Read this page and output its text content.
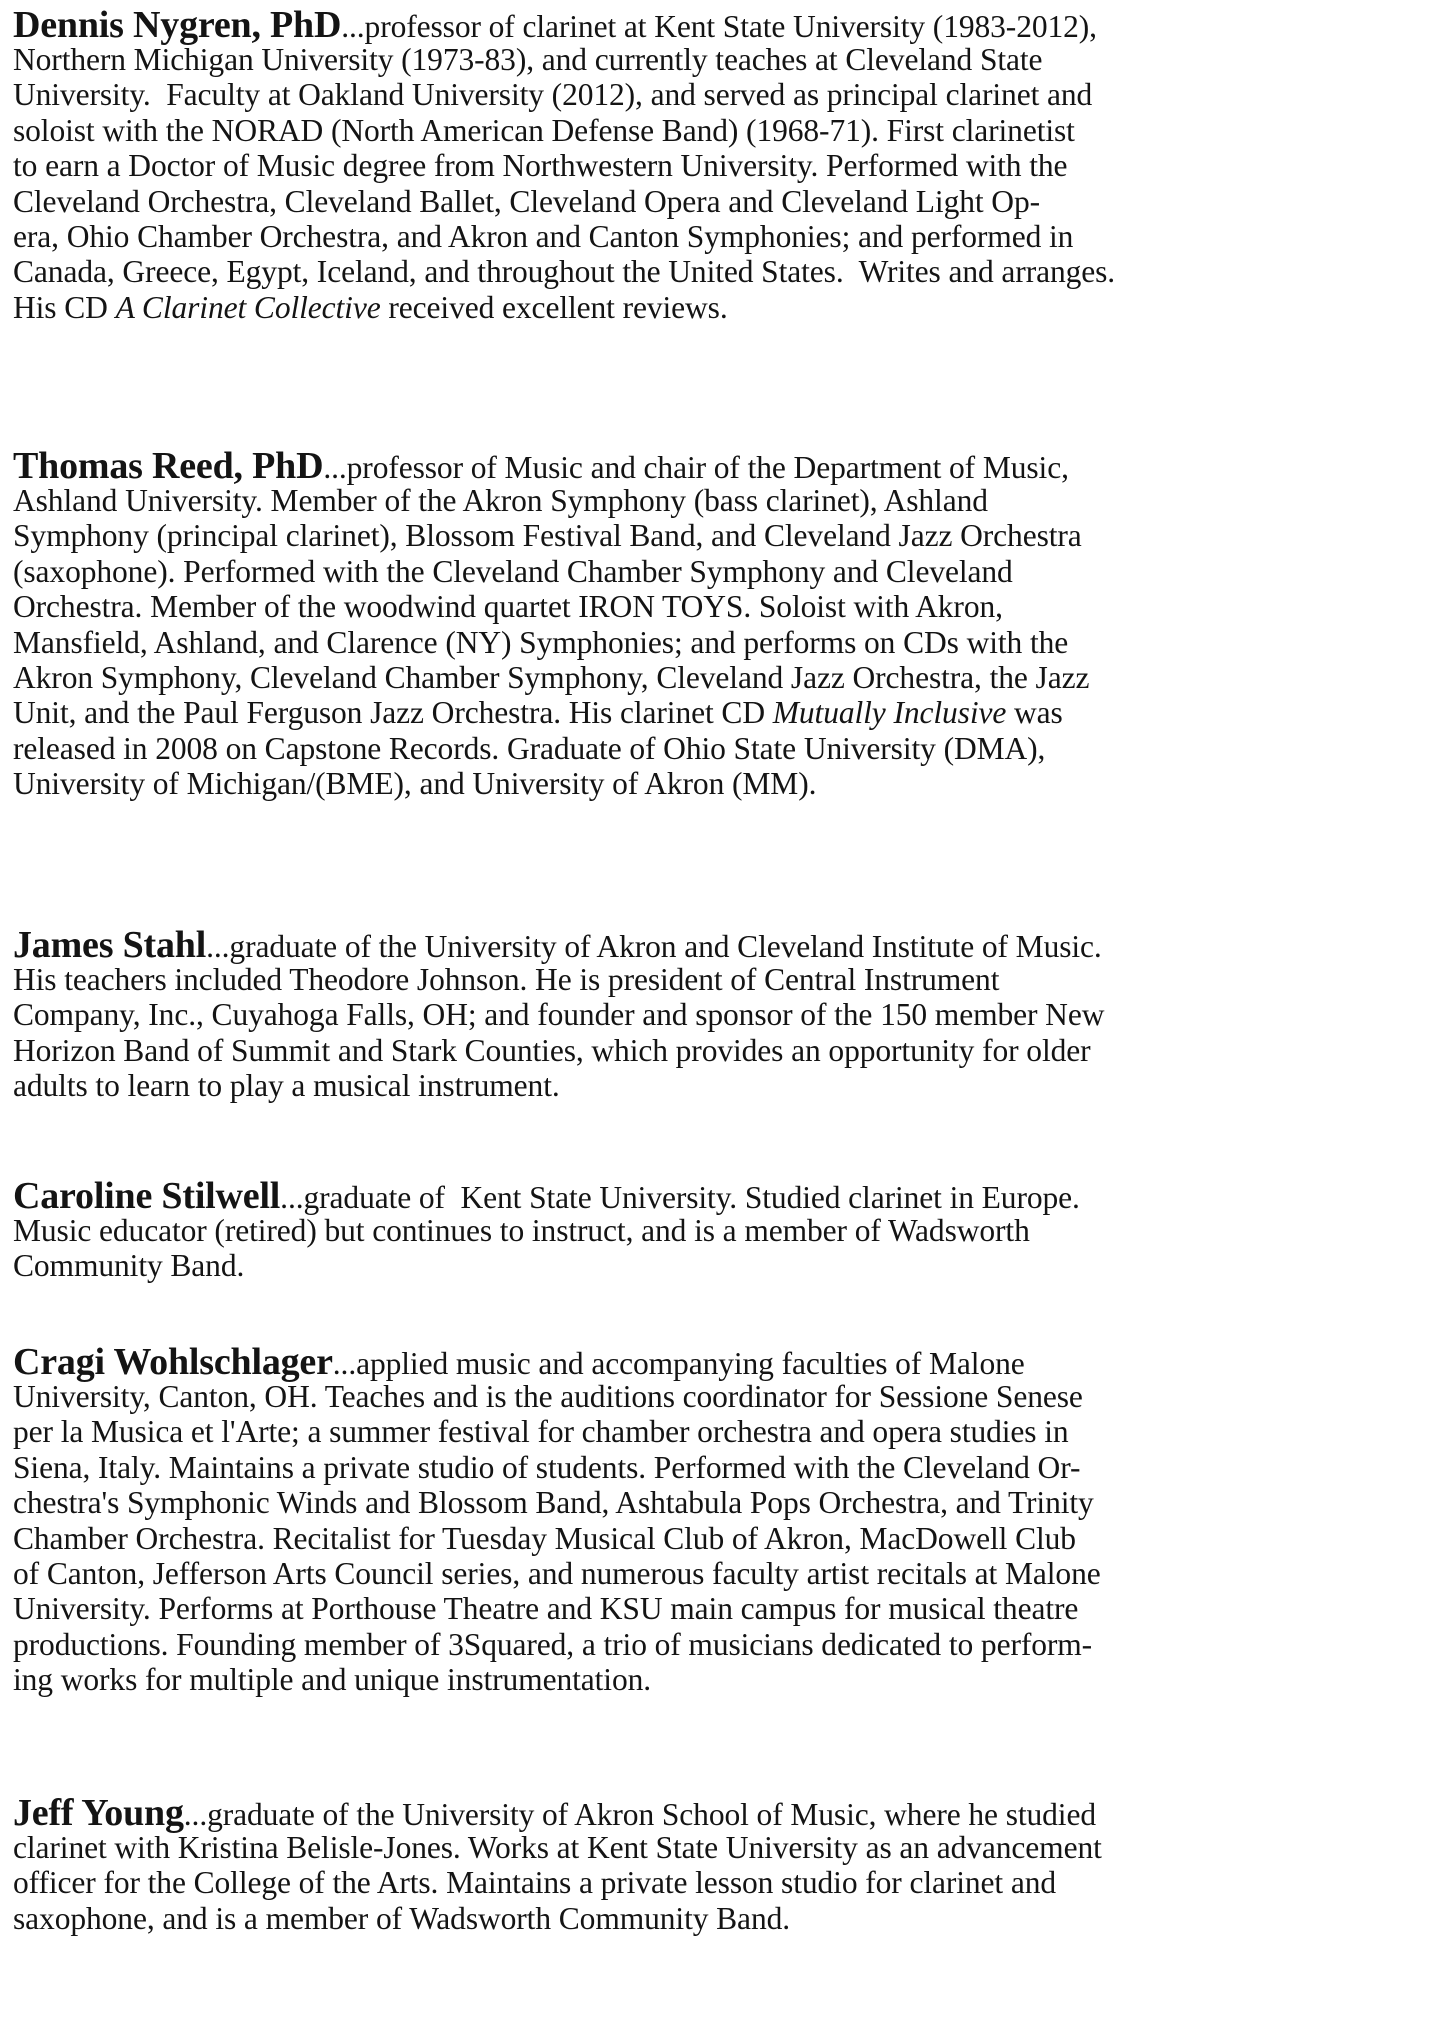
Dennis Nygren, PhD...professor of clarinet at Kent State University (1983-2012),
Northern Michigan University (1973-83), and currently teaches at Cleveland State
University.  Faculty at Oakland University (2012), and served as principal clarinet and
soloist with the NORAD (North American Defense Band) (1968-71). First clarinetist
to earn a Doctor of Music degree from Northwestern University. Performed with the
Cleveland Orchestra, Cleveland Ballet, Cleveland Opera and Cleveland Light Op-
era, Ohio Chamber Orchestra, and Akron and Canton Symphonies; and performed in
Canada, Greece, Egypt, Iceland, and throughout the United States.  Writes and arranges.
His CD A Clarinet Collective received excellent reviews.
Thomas Reed, PhD...professor of Music and chair of the Department of Music,
Ashland University. Member of the Akron Symphony (bass clarinet), Ashland
Symphony (principal clarinet), Blossom Festival Band, and Cleveland Jazz Orchestra
(saxophone). Performed with the Cleveland Chamber Symphony and Cleveland
Orchestra. Member of the woodwind quartet IRON TOYS. Soloist with Akron,
Mansfield, Ashland, and Clarence (NY) Symphonies; and performs on CDs with the
Akron Symphony, Cleveland Chamber Symphony, Cleveland Jazz Orchestra, the Jazz
Unit, and the Paul Ferguson Jazz Orchestra. His clarinet CD Mutually Inclusive was
released in 2008 on Capstone Records. Graduate of Ohio State University (DMA),
University of Michigan/(BME), and University of Akron (MM).
James Stahl...graduate of the University of Akron and Cleveland Institute of Music.
His teachers included Theodore Johnson. He is president of Central Instrument
Company, Inc., Cuyahoga Falls, OH; and founder and sponsor of the 150 member New
Horizon Band of Summit and Stark Counties, which provides an opportunity for older
adults to learn to play a musical instrument.
Caroline Stilwell...graduate of  Kent State University. Studied clarinet in Europe.
Music educator (retired) but continues to instruct, and is a member of Wadsworth
Community Band.
Cragi Wohlschlager...applied music and accompanying faculties of Malone
University, Canton, OH. Teaches and is the auditions coordinator for Sessione Senese
per la Musica et l'Arte; a summer festival for chamber orchestra and opera studies in
Siena, Italy. Maintains a private studio of students. Performed with the Cleveland Or-
chestra's Symphonic Winds and Blossom Band, Ashtabula Pops Orchestra, and Trinity
Chamber Orchestra. Recitalist for Tuesday Musical Club of Akron, MacDowell Club
of Canton, Jefferson Arts Council series, and numerous faculty artist recitals at Malone
University. Performs at Porthouse Theatre and KSU main campus for musical theatre
productions. Founding member of 3Squared, a trio of musicians dedicated to perform-
ing works for multiple and unique instrumentation.
Jeff Young...graduate of the University of Akron School of Music, where he studied
clarinet with Kristina Belisle-Jones. Works at Kent State University as an advancement
officer for the College of the Arts. Maintains a private lesson studio for clarinet and
saxophone, and is a member of Wadsworth Community Band.
